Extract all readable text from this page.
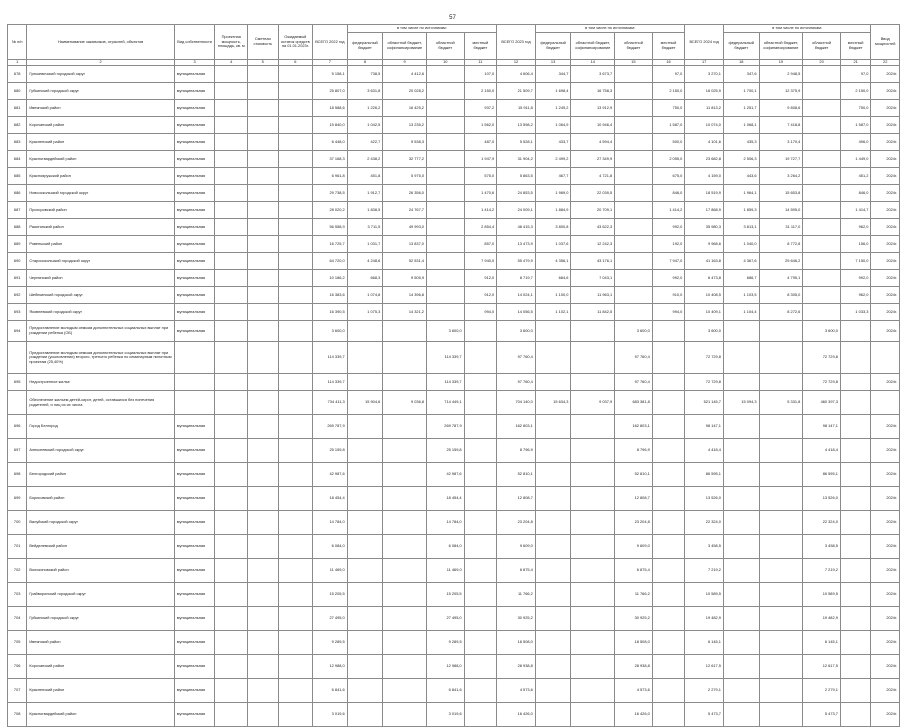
57
№ п/п	Наименование заказчиков, отраслей, объектов	Вид собственности	Проектная мощность, площадь, кв. м	Сметная стоимость	Ожидаемый остаток средств на 01.01.2023г.	ВСЕГО 2022 год	в том числе по источникам:				ВСЕГО 2023 год	в том числе по источникам:				ВСЕГО 2024 год	в том числе по источникам:				Ввод мощностей
							федеральный бюджет	областной бюджет, софинансирование	областной бюджет	местный бюджет		федеральный бюджет	областной бюджет, софинансирование	областной бюджет	местный бюджет		федеральный бюджет	областной бюджет, софинансирование	областной бюджет	местный бюджет	
1	2	3	4	5	6	7	8	9	10	11	12	13	14	15	16	17	18	19	20	21	22
678	Гулькевичский городской округ	муниципальная				5 158,1	738,5	4 412,6		107,0	4 606,4	344,7	3 673,7		97,0	3 270,1	347,6	2 948,5		97,0	2024г.
680	Губкинский городской округ	муниципальная				25 807,0	3 631,8	20 028,2		2 150,0	21 509,7	1 698,4	16 758,3		2 150,0	16 025,9	1 700,1	12 375,9		2 150,0	2024г.
681	Ивнянский район	муниципальная				18 588,6	1 226,2	16 425,2		937,2	15 911,8	1 249,2	13 912,9		750,0	11 813,2	1 251,7	9 808,6		750,0	2024г.
682	Корочанский район	муниципальная				15 840,0	1 042,5	13 235,2		1 562,0	13 598,2	1 064,9	10 946,4		1 587,0	10 074,0	1 068,1	7 418,8		1 587,0	2024г.
683	Красненский район	муниципальная				6 448,0	422,7	5 538,3		487,0	5 528,1	433,7	4 594,4		500,0	4 101,6	435,3	3 170,4		496,0	2024г.
684	Красногвардейский район	муниципальная				37 168,3	2 438,2	32 777,2		1 947,9	31 904,2	2 499,2	27 349,9		2 055,0	23 682,8	2 506,3	19 727,7		1 449,0	2024г.
685	Краснояружский район	муниципальная				6 961,8	451,8	5 975,0		575,0	5 863,5	467,7	4 721,8		675,0	4 159,0	443,6	3 264,2		451,2	2024г.
686	Новооскольский городской округ	муниципальная				29 738,5	1 912,7	26 356,0		1 470,6	24 853,5	1 969,0	22 039,5		846,0	18 519,9	1 964,1	15 653,8		846,0	2024г.
687	Прохоровский район	муниципальная				28 020,2	1 838,5	24 767,7		1 414,2	24 009,1	1 884,9	20 709,1		1 414,2	17 868,9	1 859,3	14 595,0		1 414,7	2024г.
688	Ракитянский район	муниципальная				56 558,9	3 711,5	49 993,0		2 854,4	48 415,3	3 800,8	43 622,3		992,0	35 980,3	3 813,1	31 117,0		962,0	2024г.
689	Ровеньский район	муниципальная				16 725,7	1 031,7	13 837,0		857,0	13 473,9	1 037,6	12 242,3		192,0	9 968,6	1 040,0	8 772,8		156,0	2024г.
690	Старооскольский городской округ	муниципальная				64 720,0	4 248,6	52 531,4		7 940,0	55 479,9	4 356,1	43 176,1		7 947,0	41 163,8	4 367,6	29 646,2		7 150,0	2024г.
691	Чернянский район	муниципальная				10 186,2	668,3	9 505,9		912,0	8 719,7	684,6	7 043,1		992,0	6 473,8	686,7	4 795,1		992,0	2024г.
692	Шебекинский городской округ	муниципальная				16 383,6	1 074,8	14 396,8		912,0	14 024,1	1 100,0	11 963,1		910,0	10 408,5	1 103,5	8 305,0		962,0	2024г.
693	Яковлевский городской округ	муниципальная				16 390,5	1 075,3	14 321,2		994,0	14 056,5	1 102,1	11 842,5		994,0	10 409,1	1 104,4	8 272,6		1 033,3	2024г.
694	Предоставление молодым семьям дополнительных социальных выплат при рождении ребенка (ОБ)	муниципальная				3 600,0			3 600,0		3 600,0			3 600,0		3 600,0			3 600,0		2024г.
	Предоставление молодым семьям дополнительных социальных выплат при рождении (усыновлении) второго, третьего ребенка по семинарным пилотным проектам (25,40%)					114 339,7			114 339,7		97 760,4			97 760,4		72 729,8			72 729,8		
695	Недостроенное жилье					114 339,7			114 339,7		97 760,4			97 760,4		72 729,8			72 729,8		2024г.
	Обеспечение жильем детей-сирот, детей, оставшихся без попечения родителей, и лиц из их числа					734 411,3	15 904,6	9 036,8	714 449,1		704 140,0	15 634,3	9 037,9	683 381,8		521 145,7	15 094,3	5 331,8	460 397,3		
696	Город Белгород	муниципальная				269 787,9			269 787,9		162 803,1			162 803,1		98 147,1			98 147,1		2024г.
697	Алексеевский городской округ	муниципальная				25 159,8			25 159,8		8 796,9			8 796,9		4 418,4			4 418,4		2024г.
698	Белгородский район	муниципальная				42 987,6			42 987,6		52 810,1			52 810,1		86 595,1			86 595,1		2024г.
699	Борисовский район	муниципальная				18 454,4			18 454,4		12 808,7			12 808,7		13 526,0			13 526,0		2024г.
700	Валуйский городской округ	муниципальная				14 784,0			14 784,0		23 204,8			23 204,8		22 324,0			22 324,0		2024г.
701	Вейделевский район	муниципальная				6 084,0			6 084,0		9 609,0			9 609,0		3 458,5			3 458,5		2024г.
702	Волоконовский район	муниципальная				11 469,0			11 469,0		6 875,4			6 875,4		7 219,2			7 219,2		2024г.
703	Грайворонский городской округ	муниципальная				15 205,5			15 205,5		11 766,2			11 766,2		10 589,5			10 589,5		2024г.
704	Губкинский городской округ	муниципальная				27 495,0			27 495,0		30 925,2			30 925,2		19 482,9			19 482,9		2024г.
705	Ивнянский район	муниципальная				9 289,5			9 289,5		18 508,0			18 508,0		6 145,1			6 145,1		2024г.
706	Корочанский район	муниципальная				12 988,0			12 988,0		28 938,8			28 938,8		12 617,5			12 617,5		2024г.
707	Красненский район	муниципальная				6 841,6			6 841,6		4 573,6			4 573,6		2 279,1			2 279,1		2024г.
708	Красногвардейский район	муниципальная				3 019,6			3 019,6		16 426,0			16 426,0		5 473,7			5 473,7		2024г.
